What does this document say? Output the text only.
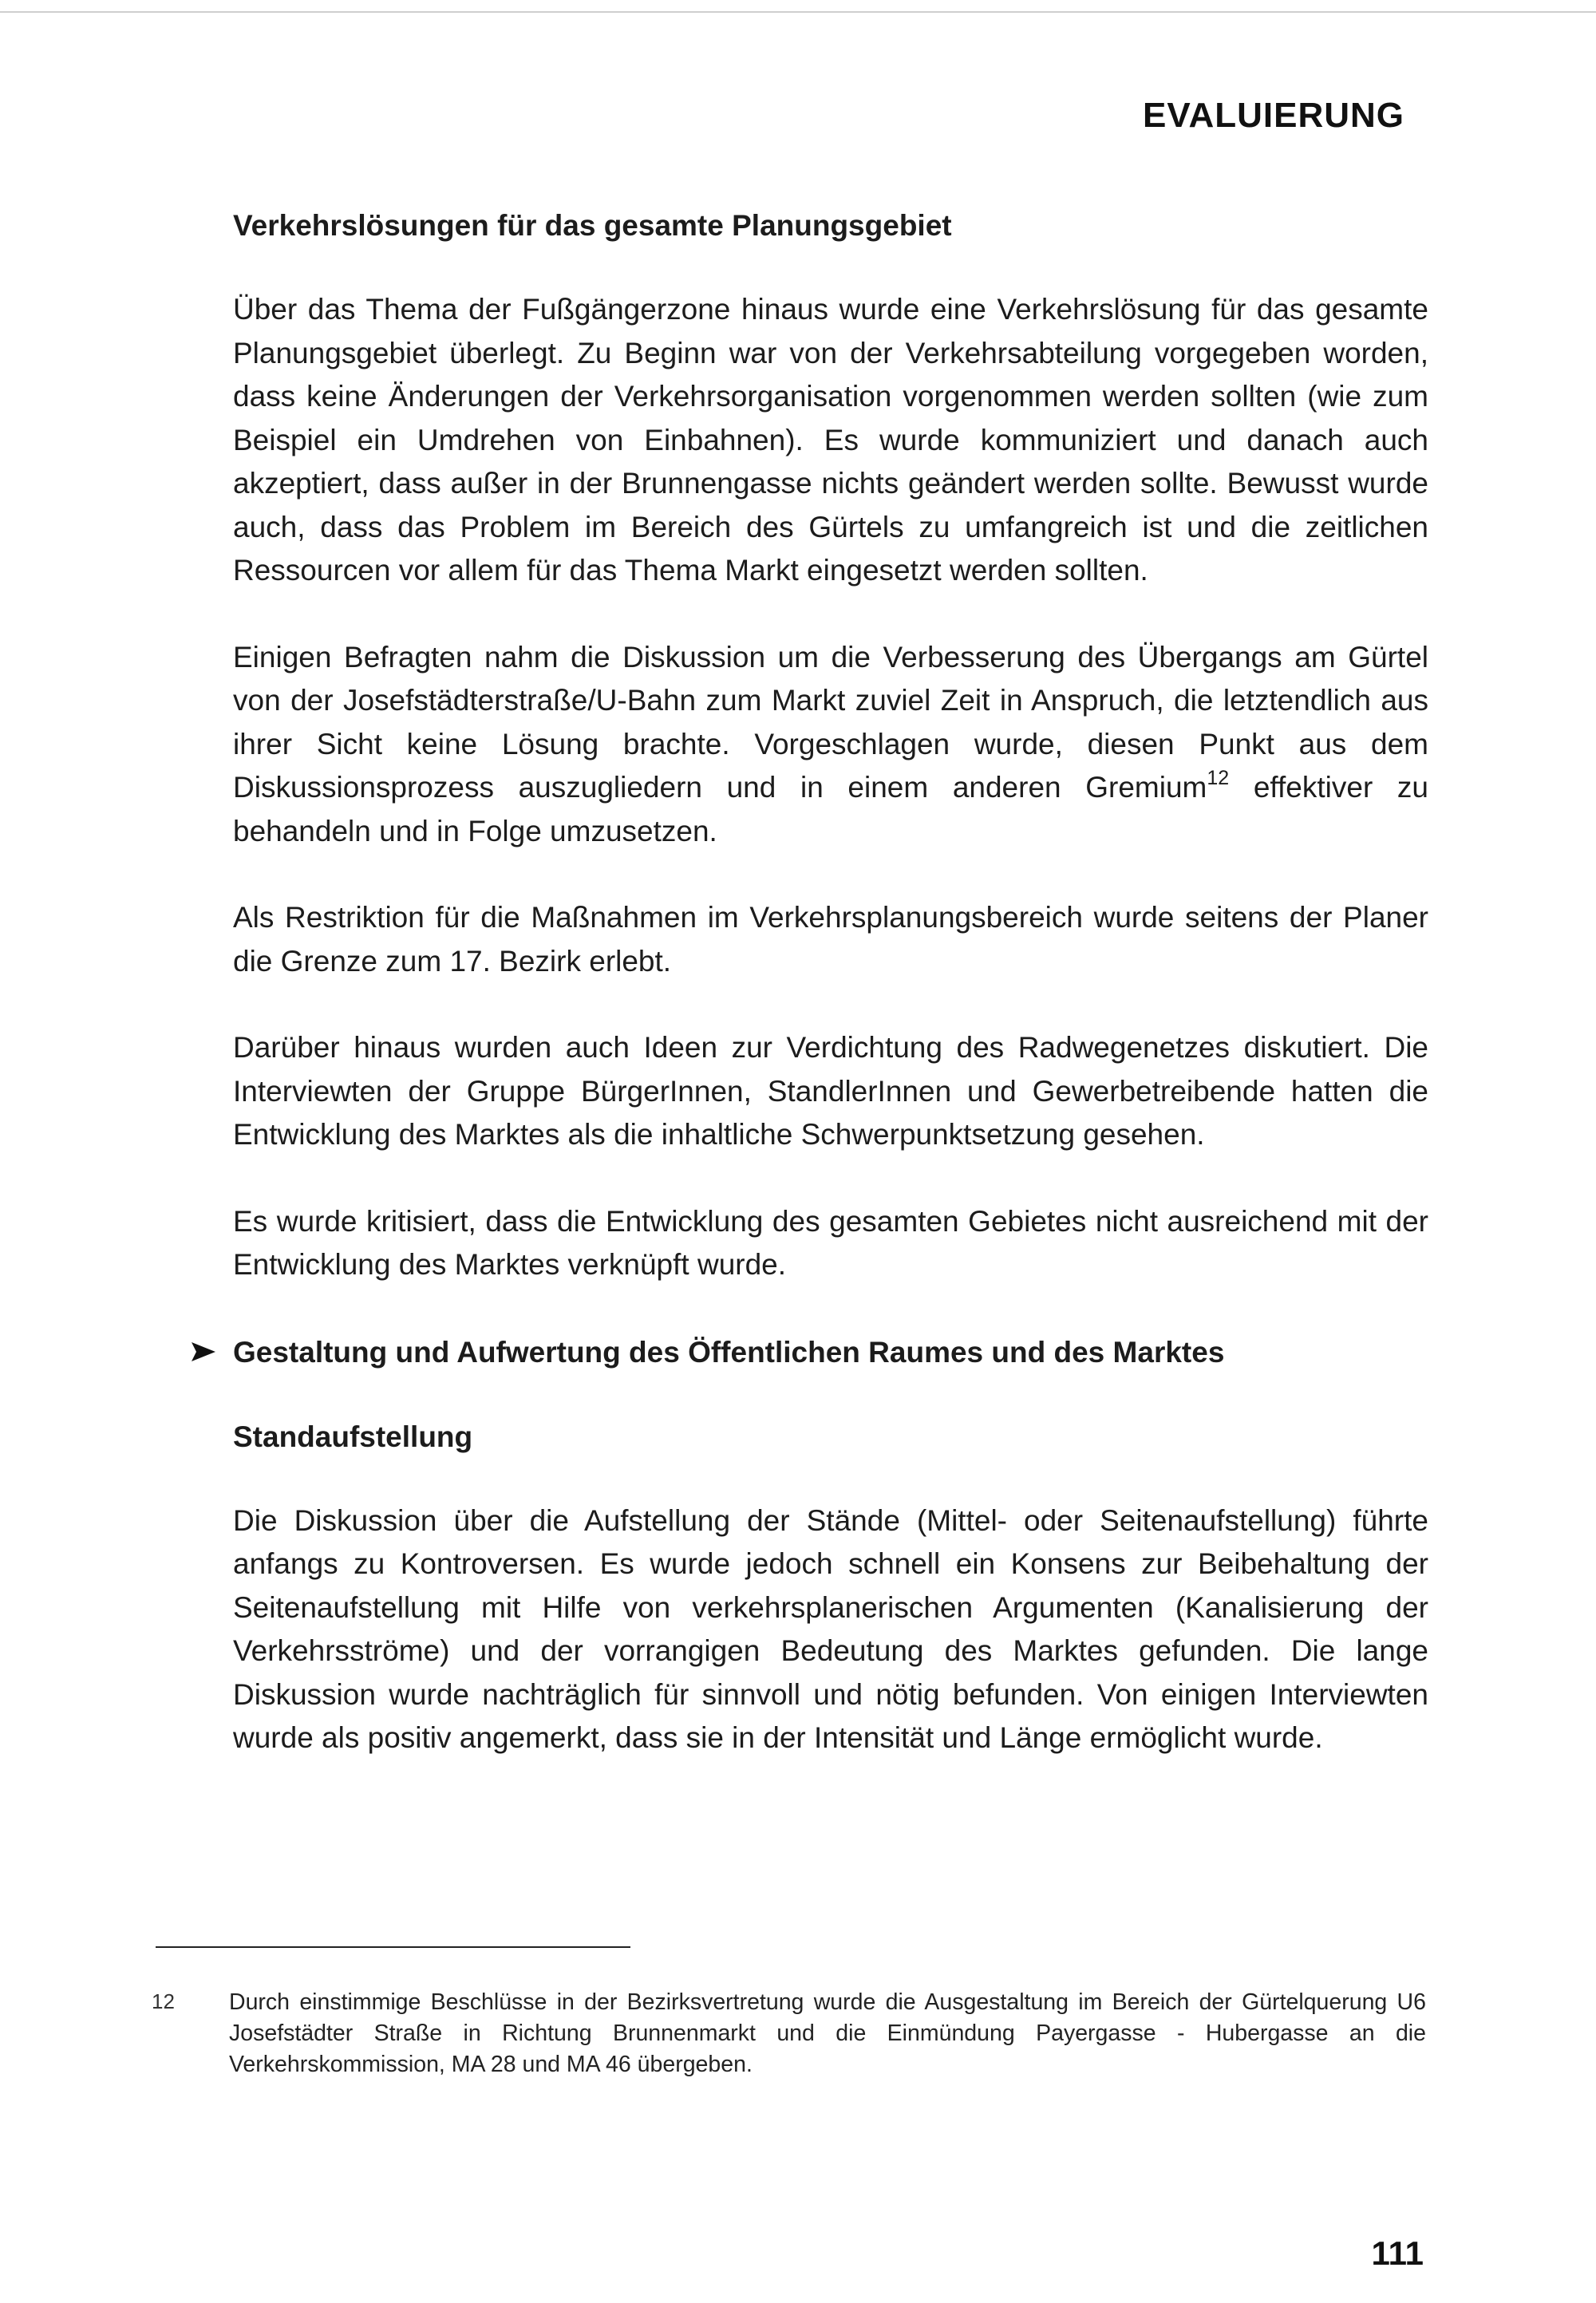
EVALUIERUNG
Verkehrslösungen für das gesamte Planungsgebiet

Über das Thema der Fußgängerzone hinaus wurde eine Verkehrslösung für das gesamte Planungsgebiet überlegt. Zu Beginn war von der Verkehrsabteilung vorgegeben worden, dass keine Änderungen der Verkehrsorganisation vorgenommen werden sollten (wie zum Beispiel ein Umdrehen von Einbahnen). Es wurde kommuniziert und danach auch akzeptiert, dass außer in der Brunnengasse nichts geändert werden sollte. Bewusst wurde auch, dass das Problem im Bereich des Gürtels zu umfangreich ist und die zeitlichen Ressourcen vor allem für das Thema Markt eingesetzt werden sollten.

Einigen Befragten nahm die Diskussion um die Verbesserung des Übergangs am Gürtel von der Josefstädterstraße/U-Bahn zum Markt zuviel Zeit in Anspruch, die letztendlich aus ihrer Sicht keine Lösung brachte. Vorgeschlagen wurde, diesen Punkt aus dem Diskussionsprozess auszugliedern und in einem anderen Gremium$^{12}$ effektiver zu behandeln und in Folge umzusetzen.

Als Restriktion für die Maßnahmen im Verkehrsplanungsbereich wurde seitens der Planer die Grenze zum 17. Bezirk erlebt.

Darüber hinaus wurden auch Ideen zur Verdichtung des Radwegenetzes diskutiert. Die Interviewten der Gruppe BürgerInnen, StandlerInnen und Gewerbetreibende hatten die Entwicklung des Marktes als die inhaltliche Schwerpunktsetzung gesehen.

Es wurde kritisiert, dass die Entwicklung des gesamten Gebietes nicht ausreichend mit der Entwicklung des Marktes verknüpft wurde.

Gestaltung und Aufwertung des Öffentlichen Raumes und des Marktes
Standaufstellung

Die Diskussion über die Aufstellung der Stände (Mittel- oder Seitenaufstellung) führte anfangs zu Kontroversen. Es wurde jedoch schnell ein Konsens zur Beibehaltung der Seitenaufstellung mit Hilfe von verkehrsplanerischen Argumenten (Kanalisierung der Verkehrsströme) und der vorrangigen Bedeutung des Marktes gefunden. Die lange Diskussion wurde nachträglich für sinnvoll und nötig befunden. Von einigen Interviewten wurde als positiv angemerkt, dass sie in der Intensität und Länge ermöglicht wurde.

12 Durch einstimmige Beschlüsse in der Bezirksvertretung wurde die Ausgestaltung im Bereich der Gürtelquerung U6 Josefstädter Straße in Richtung Brunnenmarkt und die Einmündung Payergasse - Hubergasse an die Verkehrskommission, MA 28 und MA 46 übergeben.

111
